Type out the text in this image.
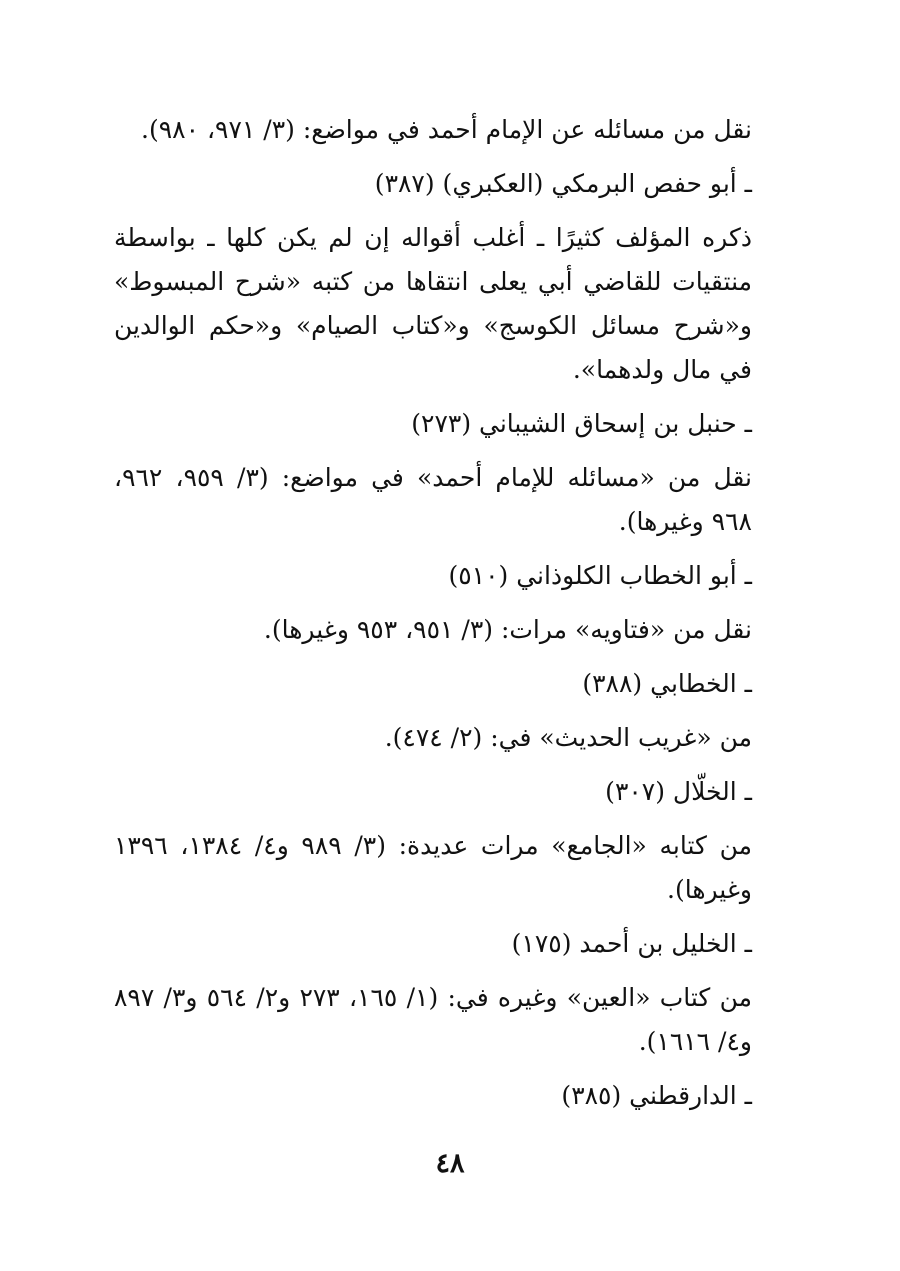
نقل من مسائله عن الإمام أحمد في مواضع: (٣/ ٩٧١، ٩٨٠).

ـ أبو حفص البرمكي (العكبري) (٣٨٧)

ذكره المؤلف كثيرًا ـ أغلب أقواله إن لم يكن كلها ـ بواسطة منتقيات للقاضي أبي يعلى انتقاها من كتبه «شرح المبسوط» و«شرح مسائل الكوسج» و«كتاب الصيام» و«حكم الوالدين في مال ولدهما».

ـ حنبل بن إسحاق الشيباني (٢٧٣)

نقل من «مسائله للإمام أحمد» في مواضع: (٣/ ٩٥٩، ٩٦٢، ٩٦٨ وغيرها).

ـ أبو الخطاب الكلوذاني (٥١٠)

نقل من «فتاويه» مرات: (٣/ ٩٥١، ٩٥٣ وغيرها).

ـ الخطابي (٣٨٨)

من «غريب الحديث» في: (٢/ ٤٧٤).

ـ الخلّال (٣٠٧)

من كتابه «الجامع» مرات عديدة: (٣/ ٩٨٩ و٤/ ١٣٨٤، ١٣٩٦ وغيرها).

ـ الخليل بن أحمد (١٧٥)

من كتاب «العين» وغيره في: (١/ ١٦٥، ٢٧٣ و٢/ ٥٦٤ و٣/ ٨٩٧ و٤/ ١٦١٦).

ـ الدارقطني (٣٨٥)

٤٨
